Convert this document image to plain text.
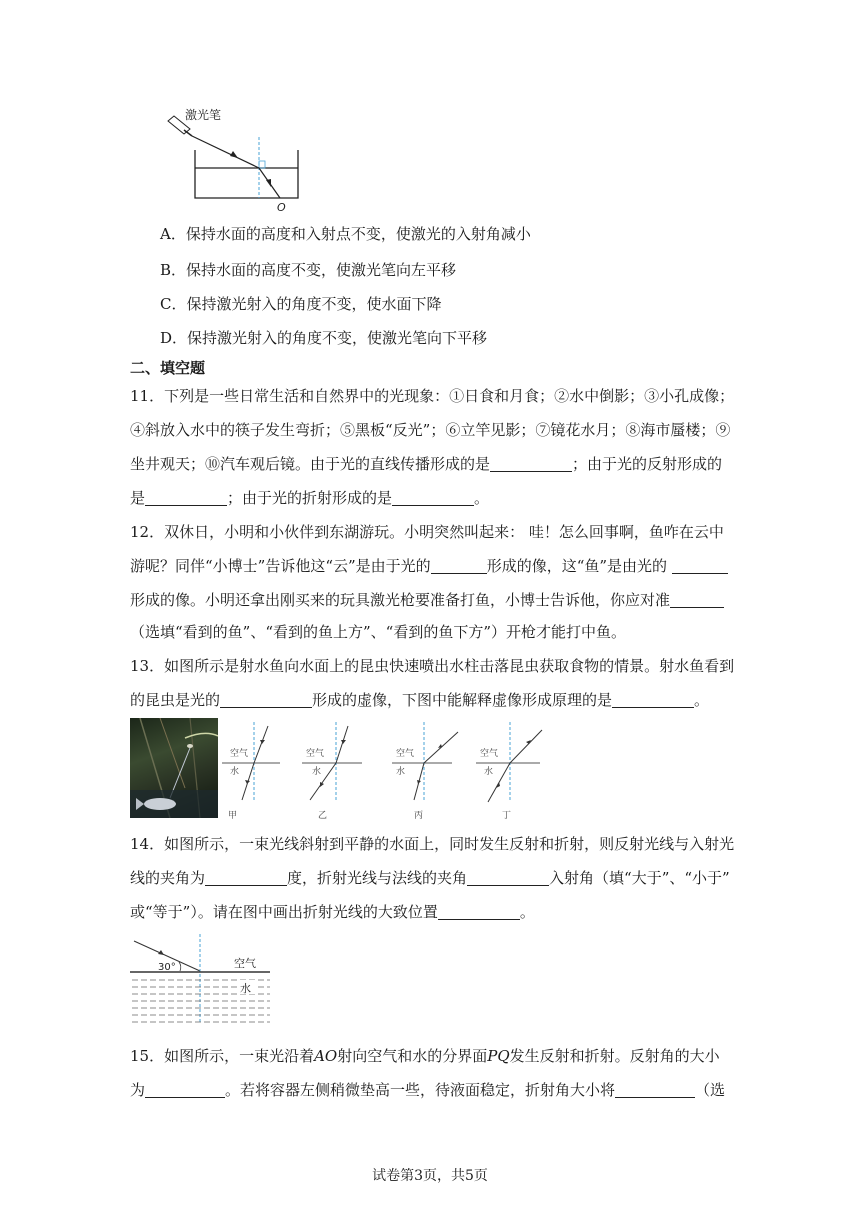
激光笔
O
A．保持水面的高度和入射点不变，使激光的入射角减小
B．保持水面的高度不变，使激光笔向左平移
C．保持激光射入的角度不变，使水面下降
D．保持激光射入的角度不变，使激光笔向下平移
二、填空题
11．下列是一些日常生活和自然界中的光现象：①日食和月食；②水中倒影；③小孔成像；
④斜放入水中的筷子发生弯折；⑤黑板“反光”；⑥立竿见影；⑦镜花水月；⑧海市蜃楼；⑨
坐井观天；⑩汽车观后镜。由于光的直线传播形成的是	；由于光的反射形成的
是	；由于光的折射形成的是	。
12．双休日，小明和小伙伴到东湖游玩。小明突然叫起来： 哇！怎么回事啊，鱼咋在云中
游呢？同伴“小博士”告诉他这“云”是由于光的	形成的像，这“鱼”是由光的
形成的像。小明还拿出刚买来的玩具激光枪要准备打鱼，小博士告诉他，你应对准
（选填“看到的鱼”、“看到的鱼上方”、“看到的鱼下方”）开枪才能打中鱼。
13．如图所示是射水鱼向水面上的昆虫快速喷出水柱击落昆虫获取食物的情景。射水鱼看到
的昆虫是光的	形成的虚像，下图中能解释虚像形成原理的是	。
空气
水
甲
空气
水
乙
空气
水
丙
空气
水
丁
14．如图所示，一束光线斜射到平静的水面上，同时发生反射和折射，则反射光线与入射光
线的夹角为	度，折射光线与法线的夹角	入射角（填“大于”、“小于”
或“等于”）。请在图中画出折射光线的大致位置	。
30°	空气
水
15．如图所示，一束光沿着AO射向空气和水的分界面PQ发生反射和折射。反射角的大小
为	。若将容器左侧稍微垫高一些，待液面稳定，折射角大小将	（选
试卷第3页，共5页
